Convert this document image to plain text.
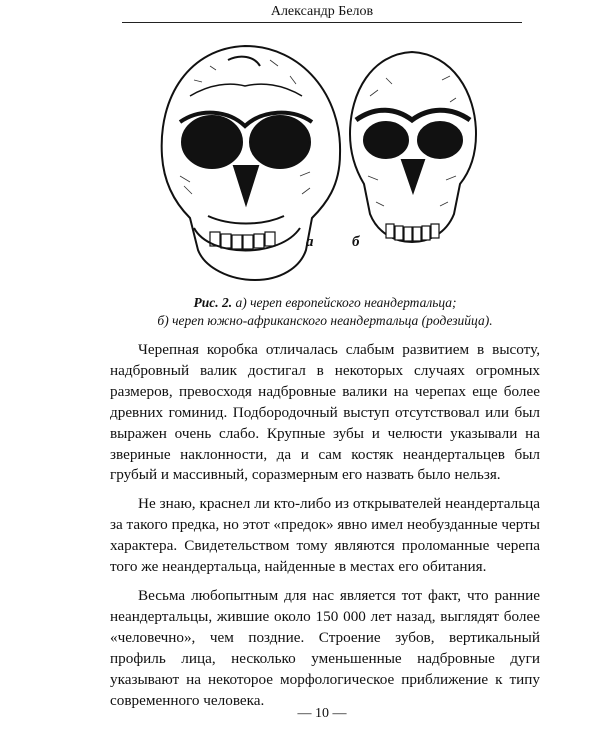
Александр Белов
а	б
Рис. 2. а) череп европейского неандертальца;
б) череп южно-африканского неандертальца (родезийца).

Черепная коробка отличалась слабым развитием в высоту, надбровный валик достигал в некоторых случаях огромных размеров, превосходя надбровные валики на черепах еще более древних гоминид. Подбородочный выступ отсутствовал или был выражен очень слабо. Крупные зубы и челюсти указывали на звериные наклонности, да и сам костяк неандертальцев был грубый и массивный, соразмерным его назвать было нельзя.

Не знаю, краснел ли кто-либо из открывателей неандертальца за такого предка, но этот «предок» явно имел необузданные черты характера. Свидетельством тому являются проломанные черепа того же неандертальца, найденные в местах его обитания.

Весьма любопытным для нас является тот факт, что ранние неандертальцы, жившие около 150 000 лет назад, выглядят более «человечно», чем поздние. Строение зубов, вертикальный профиль лица, несколько уменьшенные надбровные дуги указывают на некоторое морфологическое приближение к типу современного человека.

— 10 —
